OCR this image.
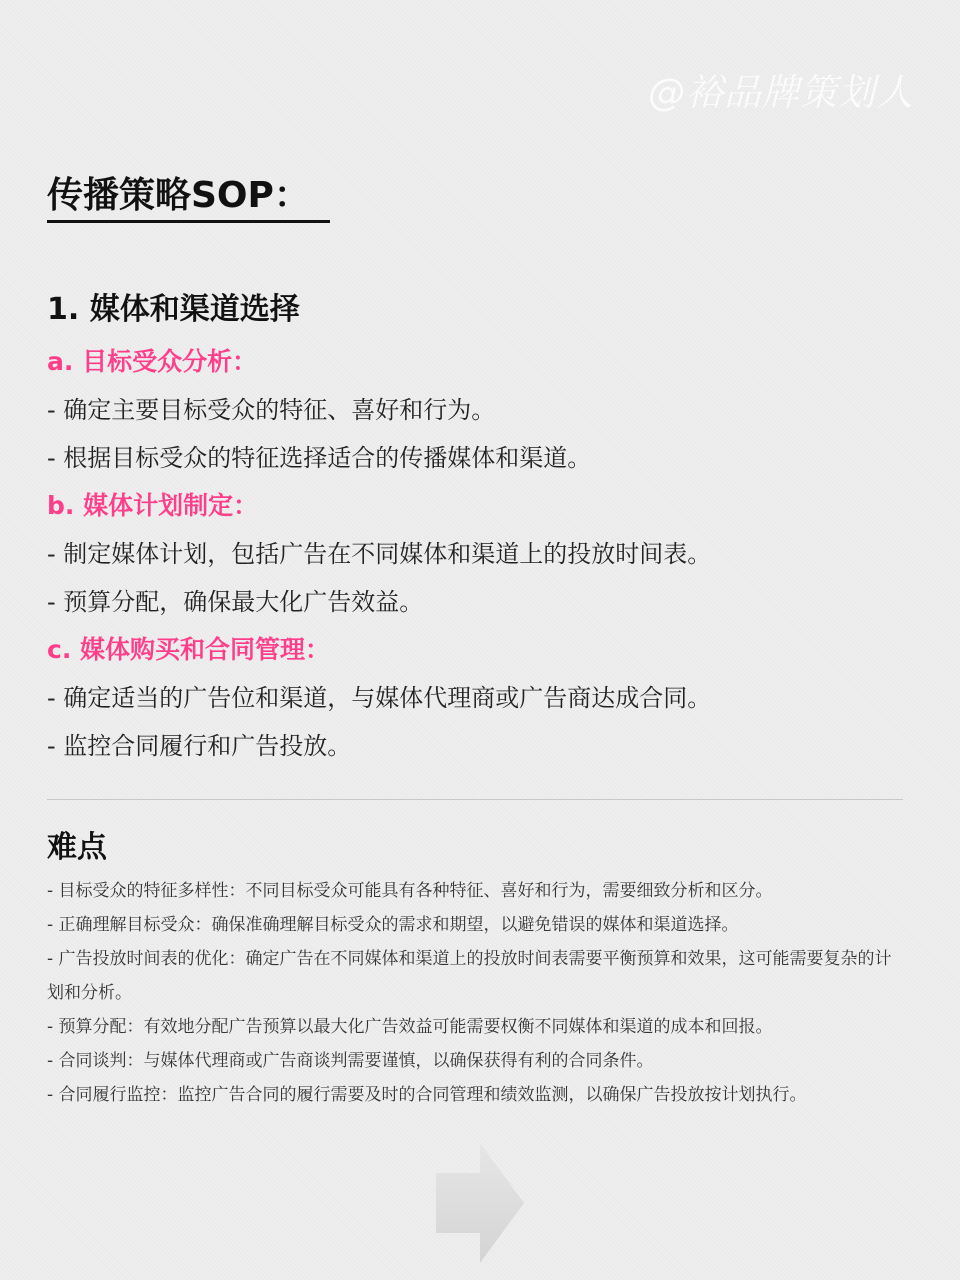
@裕品牌策划人
传播策略SOP：
1. 媒体和渠道选择
a. 目标受众分析：
- 确定主要目标受众的特征、喜好和行为。
- 根据目标受众的特征选择适合的传播媒体和渠道。
b. 媒体计划制定：
- 制定媒体计划，包括广告在不同媒体和渠道上的投放时间表。
- 预算分配，确保最大化广告效益。
c. 媒体购买和合同管理：
- 确定适当的广告位和渠道，与媒体代理商或广告商达成合同。
- 监控合同履行和广告投放。
难点
- 目标受众的特征多样性：不同目标受众可能具有各种特征、喜好和行为，需要细致分析和区分。
- 正确理解目标受众：确保准确理解目标受众的需求和期望，以避免错误的媒体和渠道选择。
- 广告投放时间表的优化：确定广告在不同媒体和渠道上的投放时间表需要平衡预算和效果，这可能需要复杂的计划和分析。
- 预算分配：有效地分配广告预算以最大化广告效益可能需要权衡不同媒体和渠道的成本和回报。
- 合同谈判：与媒体代理商或广告商谈判需要谨慎，以确保获得有利的合同条件。
- 合同履行监控：监控广告合同的履行需要及时的合同管理和绩效监测，以确保广告投放按计划执行。
